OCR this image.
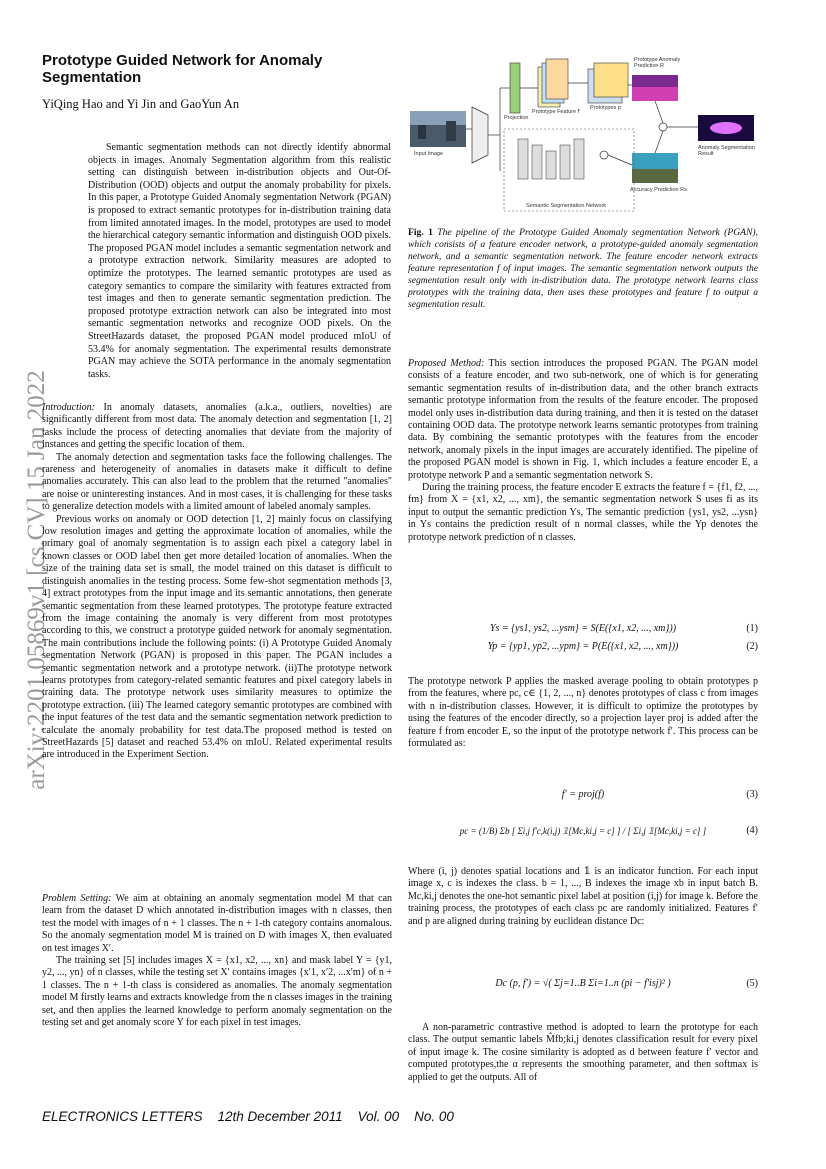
Prototype Guided Network for Anomaly Segmentation
YiQing Hao and Yi Jin and GaoYun An
arXiv:2201.05869v1 [cs.CV] 15 Jan 2022

Semantic segmentation methods can not directly identify abnormal objects in images. Anomaly Segmentation algorithm from this realistic setting can distinguish between in-distribution objects and Out-Of-Distribution (OOD) objects and output the anomaly probability for pixels. In this paper, a Prototype Guided Anomaly segmentation Network (PGAN) is proposed to extract semantic prototypes for in-distribution training data from limited annotated images. In the model, prototypes are used to model the hierarchical category semantic information and distinguish OOD pixels. The proposed PGAN model includes a semantic segmentation network and a prototype extraction network. Similarity measures are adopted to optimize the prototypes. The learned semantic prototypes are used as category semantics to compare the similarity with features extracted from test images and then to generate semantic segmentation prediction. The proposed prototype extraction network can also be integrated into most semantic segmentation networks and recognize OOD pixels. On the StreetHazards dataset, the proposed PGAN model produced mIoU of 53.4% for anomaly segmentation. The experimental results demonstrate PGAN may achieve the SOTA performance in the anomaly segmentation tasks.

Introduction: In anomaly datasets, anomalies (a.k.a., outliers, novelties) are significantly different from most data. The anomaly detection and segmentation [1, 2] tasks include the process of detecting anomalies that deviate from the majority of instances and getting the specific location of them.

The anomaly detection and segmentation tasks face the following challenges. The rareness and heterogeneity of anomalies in datasets make it difficult to define anomalies accurately. This can also lead to the problem that the returned "anomalies" are noise or uninteresting instances. And in most cases, it is challenging for these tasks to generalize detection models with a limited amount of labeled anomaly samples.

Previous works on anomaly or OOD detection [1, 2] mainly focus on classifying low resolution images and getting the approximate location of anomalies, while the primary goal of anomaly segmentation is to assign each pixel a category label in known classes or OOD label then get more detailed location of anomalies. When the size of the training data set is small, the model trained on this dataset is difficult to distinguish anomalies in the testing process. Some few-shot segmentation methods [3, 4] extract prototypes from the input image and its semantic annotations, then generate semantic segmentation from these learned prototypes. The prototype feature extracted from the image containing the anomaly is very different from most prototypes according to this, we construct a prototype guided network for anomaly segmentation. The main contributions include the following points: (i) A Prototype Guided Anomaly segmentation Network (PGAN) is proposed in this paper. The PGAN includes a semantic segmentation network and a prototype network. (ii)The prototype network learns prototypes from category-related semantic features and pixel category labels in training data. The prototype network uses similarity measures to optimize the prototype extraction. (iii) The learned category semantic prototypes are combined with the input features of the test data and the semantic segmentation network prediction to calculate the anomaly probability for test data.The proposed method is tested on StreetHazards [5] dataset and reached 53.4% on mIoU. Related experimental results are introduced in the Experiment Section.

Problem Setting: We aim at obtaining an anomaly segmentation model M that can learn from the dataset D which annotated in-distribution images with n classes, then test the model with images of n + 1 classes. The n + 1-th category contains anomalous. So the anomaly segmentation model M is trained on D with images X, then evaluated on test images X′.

The training set [5] includes images X = {x1, x2, ..., xn} and mask label Y = {y1, y2, ..., yn} of n classes, while the testing set X′ contains images {x′1, x′2, ...x′m} of n + 1 classes. The n + 1-th class is considered as anomalies. The anomaly segmentation model M firstly learns and extracts knowledge from the n classes images in the training set, and then applies the learned knowledge to perform anomaly segmentation on the testing set and get anomaly score Y for each pixel in test images.

Input Image
Projection
Prototype Feature f′
Prototypes p
Prototype Anomaly Prediction R
Anomaly Segmentation Result
Accuracy Prediction Rs
Semantic Segmentation Network
Fig. 1 The pipeline of the Prototype Guided Anomaly segmentation Network (PGAN), which consists of a feature encoder network, a prototype-guided anomaly segmentation network, and a semantic segmentation network. The feature encoder network extracts feature representation f of input images. The semantic segmentation network outputs the segmentation result only with in-distribution data. The prototype network learns class prototypes with the training data, then uses these prototypes and feature f to output a segmentation result.

Proposed Method: This section introduces the proposed PGAN. The PGAN model consists of a feature encoder, and two sub-network, one of which is for generating semantic segmentation results of in-distribution data, and the other branch extracts semantic prototype information from the results of the feature encoder. The proposed model only uses in-distribution data during training, and then it is tested on the dataset containing OOD data. The prototype network learns semantic prototypes from training data. By combining the semantic prototypes with the features from the encoder network, anomaly pixels in the input images are accurately identified. The pipeline of the proposed PGAN model is shown in Fig. 1, which includes a feature encoder E, a prototype network P and a semantic segmentation network S.

During the training process, the feature encoder E extracts the feature f = {f1, f2, ..., fm} from X = {x1, x2, ..., xm}, the semantic segmentation network S uses fi as its input to output the semantic prediction Ys, The semantic prediction {ys1, ys2, ...ysn} in Ys contains the prediction result of n normal classes, while the Yp denotes the prototype network prediction of n classes.

Ys = {ys1, ys2, ...ysm} = S(E({x1, x2, ..., xm}))	(1)
Yp = {yp1, yp2, ...ypm} = P(E({x1, x2, ..., xm}))	(2)

The prototype network P applies the masked average pooling to obtain prototypes p from the features, where pc, c∈ {1, 2, ..., n} denotes prototypes of class c from images with n in-distribution classes. However, it is difficult to optimize the prototypes by using the features of the encoder directly, so a projection layer proj is added after the feature f from encoder E, so the input of the prototype network f′. This process can be formulated as:

f′ = proj(f)	(3)
pc = (1/B) Σb [ Σi,j f′c,k(i,j) 𝟙[Mc,ki,j = c] ] / [ Σi,j 𝟙[Mc,ki,j = c] ]	(4)

Where (i, j) denotes spatial locations and 𝟙 is an indicator function. For each input image x, c is indexes the class. b = 1, ..., B indexes the image xb in input batch B. Mc,ki,j denotes the one-hot semantic pixel label at position (i,j) for image k. Before the training process, the prototypes of each class pc are randomly initialized. Features f′ and p are aligned during training by euclidean distance Dc:

Dc (p, f′) = √( Σj=1..B Σi=1..n (pi − f′isj)² )	(5)

A non-parametric contrastive method is adopted to learn the prototype for each class. The output semantic labels M̂fb;ki,j denotes classification result for every pixel of input image k. The cosine similarity is adopted as d between feature f′ vector and computed prototypes,the α represents the smoothing parameter, and then softmax is applied to get the outputs. All of

ELECTRONICS LETTERS    12th December 2011    Vol. 00    No. 00
